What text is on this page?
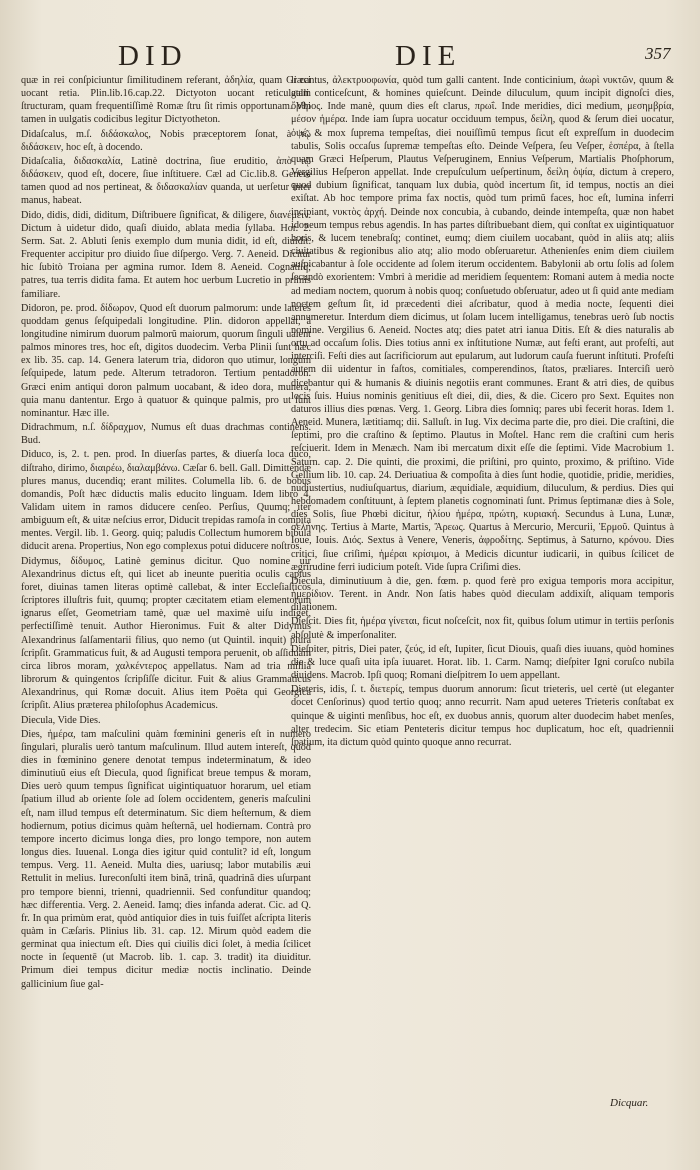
DID	DIE	357

quæ in rei conſpiciuntur ſimilitudinem referant, ἀδηλία, quam Græci uocant retia. Plin.lib.16.cap.22. Dictyoton uocant reticulatam ſtructuram, quam frequentiſſimè Romæ ſtru ſit rimis opportunam. Vbi tamen in uulgatis codicibus legitur Dictyotheton.

Didaſcalus, m.ſ. διδάσκαλος, Nobis præceptorem ſonat, à τῷ διδάσκειν, hoc eſt, à docendo.

Didaſcalia, διδασκαλία, Latinè doctrina, ſiue eruditio, ἀπὸ τῷ διδάσκειν, quod eſt, docere, ſiue inſtituere. Cæl ad Cic.lib.8. Genere tamen quod ad nos pertineat, & διδασκαλίαν quanda, ut uerſetur inter manus, habeat.

Dido, didis, didi, diditum, Diſtribuere ſignificat, & diligere, διανέμειν. Dictum à uidetur dido, quaſi diuido, ablata media ſyllaba. Hor. 2. Serm. Sat. 2. Abluti ſenis exemplo dum munia didit, id eſt, diuidit. Frequenter accipitur pro diuido ſiue diſpergo. Verg. 7. Aeneid. Dicitur hic ſubitò Troiana per agmina rumor. Idem 8. Aeneid. Cognatiſq; patres, tua terris didita fama. Et autem hoc uerbum Lucretio in primis familiare.

Didoron, pe. prod. δίδωρον, Quod eſt duorum palmorum: unde laterës quoddam genus ſeſquipedali longitudine. Plin. didoron appellat, à longitudine nimirum duorum palmorũ maiorum, quorum ſinguli ualent palmos minores tres, hoc eſt, digitos duodecim. Verba Plinii ſunt hæc ex lib. 35. cap. 14. Genera laterum tria, didoron quo utimur, longum ſeſquipede, latum pede. Alterum tetradoron. Tertium pentadoron. Græci enim antiqui doron palmum uocabant, & ideo dora, munera, quia manu dantentur. Ergo à quatuor & quinque palmis, pro ut ſunt nominantur. Hæc ille.

Didrachmum, n.ſ. δίδραχμον, Numus eſt duas drachmas continens. Bud.

Diduco, is, 2. t. pen. prod. In diuerſas partes, & diuerſa loca duco, diſtraho, dirimo, διαιρέω, διαλαμβάνω. Cæſar 6. bell. Gall. Dimittendæ plures manus, ducendiq; erant milites. Columella lib. 6. de bobus domandis, Poſt hæc diductis malis educito linguam. Idem libro 4. Validam uitem in ramos diducere cenſeo. Perſius, Quumq; iter ambiguum eſt, & uitæ neſcius error, Diducit trepidas ramoſa in compita mentes. Vergil. lib. 1. Georg. quiq; paludis Collectum humorem bibula diducit arena. Propertius, Non ego complexus potui diducere noſtros.

Didymus, δίδυμος, Latinè geminus dicitur. Quo nomine uir Alexandrinus dictus eſt, qui licet ab ineunte pueritia oculis captus foret, diuinas tamen literas optimè callebat, & inter Eccleſiaſticos ſcriptores illuſtris fuit, quumq; propter cæcitatem etiam elementorum ignarus eſſet, Geometriam tamè, quæ uel maximè uiſu indiget, perfectiſſimè tenuit. Author Hieronimus. Fuit & alter Didymus Alexandrinus ſalſamentarii filius, quo nemo (ut Quintil. inquit) plura ſcripſit. Grammaticus fuit, & ad Augusti tempora peruenit, ob aſſiduam circa libros moram, χαλκέντερος appellatus. Nam ad tria millia librorum & quingentos ſcripſiſſe dicitur. Fuit & alius Grammaticus Alexandrinus, qui Romæ docuit. Alius item Poëta qui Georgica ſcripſit. Alius præterea philoſophus Academicus.

Diecula, Vide Dies.

Dies, ἡμέρα, tam maſculini quàm fœminini generis eſt in numero ſingulari, pluralis uerò tantum maſculinum. Illud autem intereſt, quòd dies in fœminino genere denotat tempus indeterminatum, & ideo diminutiuũ eius eſt Diecula, quod ſignificat breue tempus & moram, Dies uerò quum tempus ſignificat uigintiquatuor horarum, uel etiam ſpatium illud ab oriente ſole ad ſolem occidentem, generis maſculini eſt, nam illud tempus eſt determinatum. Sic diem heſternum, & diem hodiernum, potius dicimus quàm heſternã, uel hodiernam. Contrà pro tempore incerto dicimus longa dies, pro longo tempore, non autem longus dies. Iuuenal. Longa dies igitur quid contulit? id eſt, longum tempus. Verg. 11. Aeneid. Multa dies, uariusq; labor mutabilis æui Rettulit in melius. Iureconſulti item binã, trinã, quadrinã dies uſurpant pro tempore bienni, trienni, quadriennii. Sed confunditur quandoq; hæc differentia. Verg. 2. Aeneid. Iamq; dies infanda aderat. Cic. ad Q. fr. In qua primùm erat, quòd antiquior dies in tuis fuiſſet aſcripta literis quàm in Cæſaris. Plinius lib. 31. cap. 12. Mirum quòd eadem die germinat qua iniectum eſt. Dies qui ciuilis dici ſolet, à media ſcilicet nocte in ſequentē (ut Macrob. lib. 1. cap. 3. tradit) ita diuiditur. Primum diei tempus dicitur mediæ noctis inclinatio. Deinde gallicinium ſiue gal-

li cantus, ἀλεκτρυοφωνία, quòd tum galli cantent. Inde conticinium, ἀωρὶ νυκτῶν, quum & galli conticeſcunt, & homines quieſcunt. Deinde diluculum, quum incipit dignoſci dies, ὄρθρος. Inde manè, quum dies eſt clarus, πρωΐ. Inde meridies, dici medium, μεσημβρία, μέσον ἡμέρα. Inde iam ſupra uocatur occiduum tempus, δείλη, quod & ſerum diei uocatur, ὀψέ, & mox ſuprema tempeſtas, diei nouiſſimũ tempus ſicut eſt expreſſum in duodecim tabulis, Solis occaſus ſupremæ tempeſtas eſto. Deinde Veſpera, ſeu Veſper, ἑσπέρα, à ſtella quam Græci Heſperum, Plautus Veſperuginem, Ennius Veſperum, Martialis Phoſphorum, Vergilius Heſperon appellat. Inde crepuſculum ueſpertinum, δείλη ὀψία, dictum à crepero, quod dubium ſignificat, tanquam lux dubia, quòd incertum ſit, id tempus, noctis an diei exiſtat. Ab hoc tempore prima fax noctis, quòd tum primũ faces, hoc eſt, lumina inferri incipiant, νυκτὸς ἀρχή. Deinde nox concubia, à cubando, deinde intempeſta, quæ non habet idoneum tempus rebus agendis. In has partes diſtribuebant diem, qui conſtat ex uigintiquatuor horis, & lucem tenebraſq; continet, eumq; diem ciuilem uocabant, quòd in aliis atq; aliis ciuitatibus & regionibus alio atq; alio modo obſeruaretur. Athenienſes enim diem ciuilem auſpicabantur à ſole occidente ad ſolem iterum occidentem. Babylonii ab ortu ſolis ad ſolem ſecundò exorientem: Vmbri à meridie ad meridiem ſequentem: Romani autem à media nocte ad mediam noctem, quorum à nobis quoq; conſuetudo obſeruatur, adeo ut ſi quid ante mediam noctem geſtum ſit, id præcedenti diei aſcribatur, quod à media nocte, ſequenti diei annumeretur. Interdum diem dicimus, ut ſolam lucem intelligamus, tenebras uerò ſub noctis nomine. Vergilius 6. Aeneid. Noctes atq; dies patet atri ianua Ditis. Eſt & dies naturalis ab ortu ad occaſum ſolis. Dies totius anni ex inſtitutione Numæ, aut feſti erant, aut profeſti, aut interciſi. Feſti dies aut ſacrificiorum aut epularum, aut ludorum cauſa fuerunt inſtituti. Profeſti autem dii uidentur in faſtos, comitiales, comperendinos, ſtatos, præliares. Interciſi uerò dicebantur qui & humanis & diuinis negotiis erant communes. Erant & atri dies, de quibus locis ſuis. Huius nominis genitiuus eſt diei, dii, dies, & die. Cicero pro Sext. Equites non daturos illius dies pœnas. Verg. 1. Georg. Libra dies ſomniq; pares ubi fecerit horas. Idem 1. Aeneid. Munera, lætitiamq; dii. Salluſt. in Iug. Vix decima parte die, pro diei. Die craſtini, die ſeptimi, pro die craſtino & ſeptimo. Plautus in Moſtel. Hanc rem die craſtini cum heris reſciuerit. Idem in Menæch. Nam ibi mercatum dixit eſſe die ſeptimi. Vide Macrobium 1. Saturn. cap. 2. Die quinti, die proximi, die priſtini, pro quinto, proximo, & priſtino. Vide Gellium lib. 10. cap. 24. Deriuatiua & compoſita à dies ſunt hodie, quotidie, pridie, meridies, nudiustertius, nudiuſquartus, diarium, æquidiale, æquidium, diluculum, & perdius. Dies qui hebdomadem conſtituunt, à ſeptem planetis cognominati ſunt. Primus ſeptimanæ dies à Sole, dies Solis, ſiue Phœbi dicitur, ἡλίου ἡμέρα, πρώτη, κυριακή. Secundus à Luna, Lunæ, σελήνης. Tertius à Marte, Martis, Ἄρεως. Quartus à Mercurio, Mercurii, Ἑρμοῦ. Quintus à Ioue, Iouis. Διός. Sextus à Venere, Veneris, ἀφροδίτης. Septimus, à Saturno, κρόνου. Dies critici, ſiue criſimi, ἡμέραι κρίσιμοι, à Medicis dicuntur iudicarii, in quibus ſcilicet de ægrirudine ferri iudicium poteſt. Vide ſupra Criſimi dies.

Diecula, diminutiuum à die, gen. fœm. p. quod ferè pro exigua temporis mora accipitur, ἡμερίδιον. Terent. in Andr. Non ſatis habes quòd dieculam addixiſt, aliquam temporis dilationem.

Dieſcit. Dies fit, ἡμέρα γίνεται, ficut noſceſcit, nox fit, quibus ſolum utimur in tertiis perſonis abſolutè & imperſonaliter.

Dieſpiter, pitris, Diei pater, ζεύς, id eſt, Iupiter, ſicut Diouis, quaſi dies iuuans, quòd homines die & luce quaſi uita ipſa iuuaret. Horat. lib. 1. Carm. Namq; dieſpiter Igni coruſco nubila diuidens. Macrob. Ipſi quoq; Romani dieſpitrem Io uem appellant.

Dieteris, idis, ſ. t. διετερίς, tempus duorum annorum: ſicut trieteris, uel certè (ut eleganter docet Cenſorinus) quod tertio quoq; anno recurrit. Nam apud ueteres Trieteris conſtabat ex quinque & uiginti menſibus, hoc eſt, ex duobus annis, quorum alter duodecim habet menſes, alter tredecim. Sic etiam Penteteris dicitur tempus hoc duplicatum, hoc eſt, quadriennii ſpatium, ita dictum quòd quinto quoque anno recurrat.

Dicquar.
